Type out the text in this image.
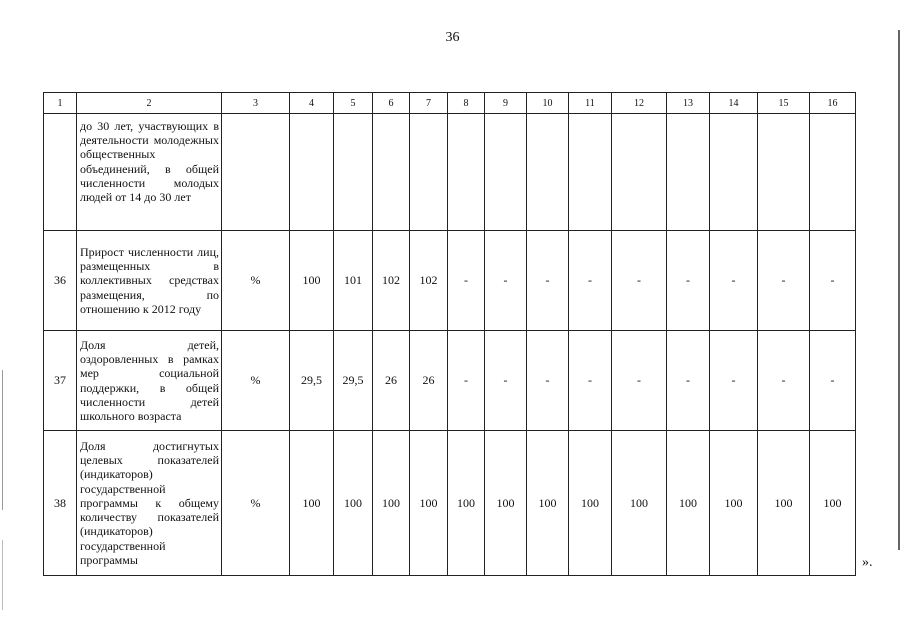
36
1	2	3	4	5	6	7	8	9	10	11	12	13	14	15	16
	до 30 лет, участвующих в деятельности молодежных общественных объединений, в общей численности молодых людей от 14 до 30 лет														
36	Прирост численности лиц, размещенных в коллективных средствах размещения, по отношению к 2012 году	%	100	101	102	102	-	-	-	-	-	-	-	-	-
37	Доля детей, оздоровленных в рамках мер социальной поддержки, в общей численности детей школьного возраста	%	29,5	29,5	26	26	-	-	-	-	-	-	-	-	-
38	Доля достигнутых целевых показателей (индикаторов) государственной программы к общему количеству показателей (индикаторов) государственной программы	%	100	100	100	100	100	100	100	100	100	100	100	100	100
».
